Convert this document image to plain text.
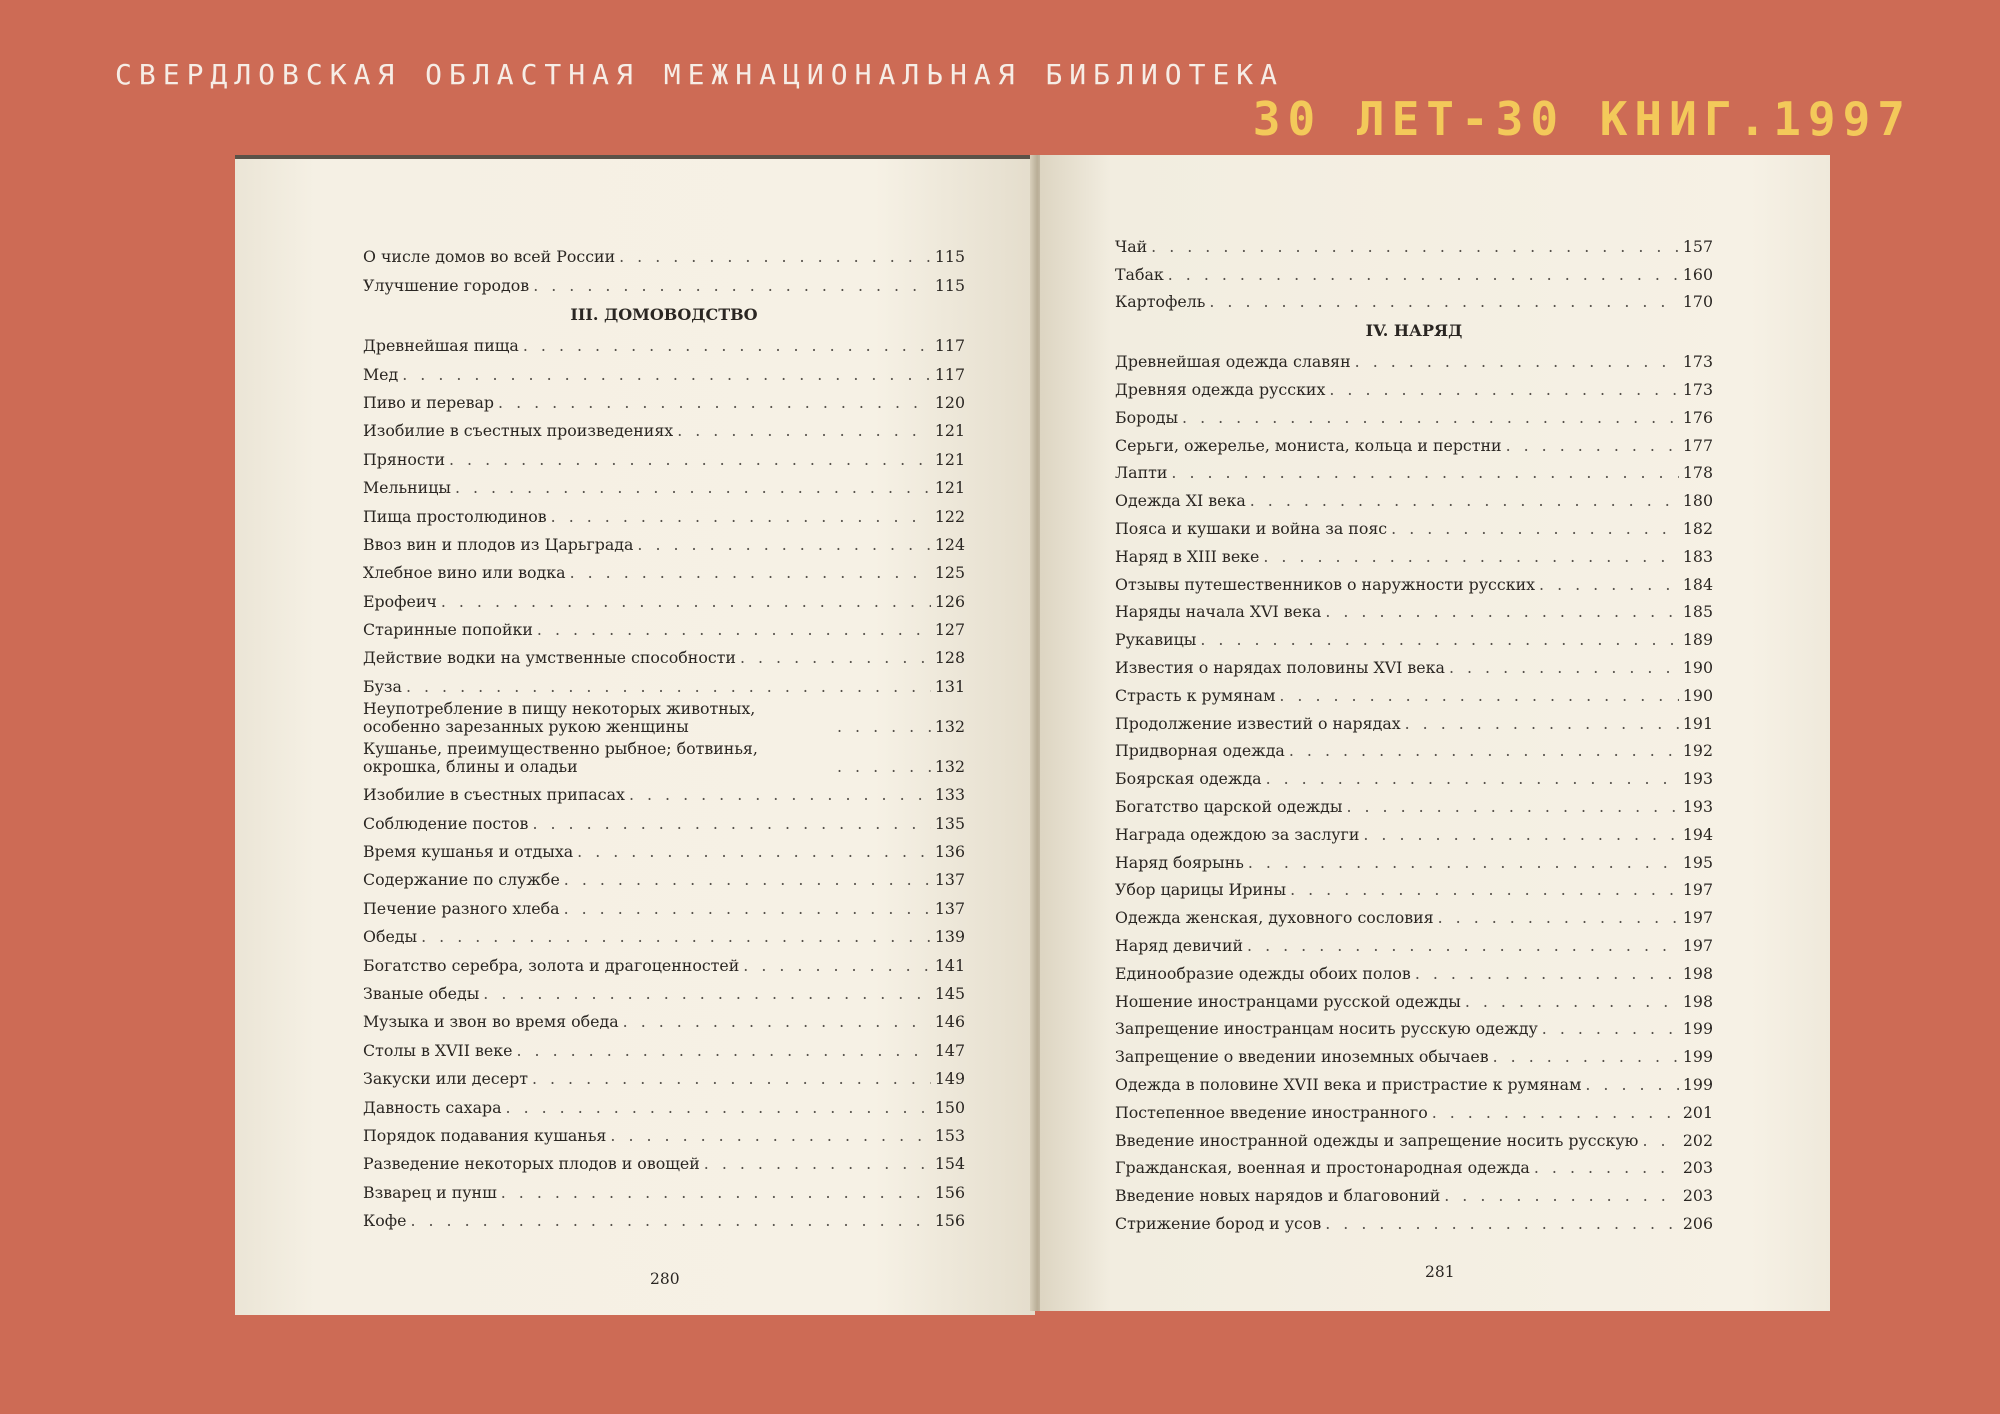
СВЕРДЛОВСКАЯ ОБЛАСТНАЯ МЕЖНАЦИОНАЛЬНАЯ БИБЛИОТЕКА
30 ЛЕТ-30 КНИГ.1997
О числе домов во всей России . . .	115
Улучшение городов . . .	115
III. ДОМОВОДСТВО
Древнейшая пища . . .	117
Мед . . .	117
Пиво и перевар . . .	120
Изобилие в съестных произведениях . . .	121
Пряности . . .	121
Мельницы . . .	121
Пища простолюдинов . . .	122
Ввоз вин и плодов из Царьграда . . .	124
Хлебное вино или водка . . .	125
Ерофеич . . .	126
Старинные попойки . . .	127
Действие водки на умственные способности . . .	128
Буза . . .	131
Неупотребление в пищу некоторых животных, особенно зарезанных рукою женщины . . .	132
Кушанье, преимущественно рыбное; ботвинья, окрошка, блины и оладьи . . .	132
Изобилие в съестных припасах . . .	133
Соблюдение постов . . .	135
Время кушанья и отдыха . . .	136
Содержание по службе . . .	137
Печение разного хлеба . . .	137
Обеды . . .	139
Богатство серебра, золота и драгоценностей . . .	141
Званые обеды . . .	145
Музыка и звон во время обеда . . .	146
Столы в XVII веке . . .	147
Закуски или десерт . . .	149
Давность сахара . . .	150
Порядок подавания кушанья . . .	153
Разведение некоторых плодов и овощей . . .	154
Взварец и пунш . . .	156
Кофе . . .	156
280
Чай . . .	157
Табак . . .	160
Картофель . . .	170
IV. НАРЯД
Древнейшая одежда славян . . .	173
Древняя одежда русских . . .	173
Бороды . . .	176
Серьги, ожерелье, мониста, кольца и перстни . . .	177
Лапти . . .	178
Одежда XI века . . .	180
Пояса и кушаки и война за пояс . . .	182
Наряд в XIII веке . . .	183
Отзывы путешественников о наружности русских . . .	184
Наряды начала XVI века . . .	185
Рукавицы . . .	189
Известия о нарядах половины XVI века . . .	190
Страсть к румянам . . .	190
Продолжение известий о нарядах . . .	191
Придворная одежда . . .	192
Боярская одежда . . .	193
Богатство царской одежды . . .	193
Награда одеждою за заслуги . . .	194
Наряд боярынь . . .	195
Убор царицы Ирины . . .	197
Одежда женская, духовного сословия . . .	197
Наряд девичий . . .	197
Единообразие одежды обоих полов . . .	198
Ношение иностранцами русской одежды . . .	198
Запрещение иностранцам носить русскую одежду . . .	199
Запрещение о введении иноземных обычаев . . .	199
Одежда в половине XVII века и пристрастие к румянам . . .	199
Постепенное введение иностранного . . .	201
Введение иностранной одежды и запрещение носить русскую . . .	202
Гражданская, военная и простонародная одежда . . .	203
Введение новых нарядов и благовоний . . .	203
Стрижение бород и усов . . .	206
281
